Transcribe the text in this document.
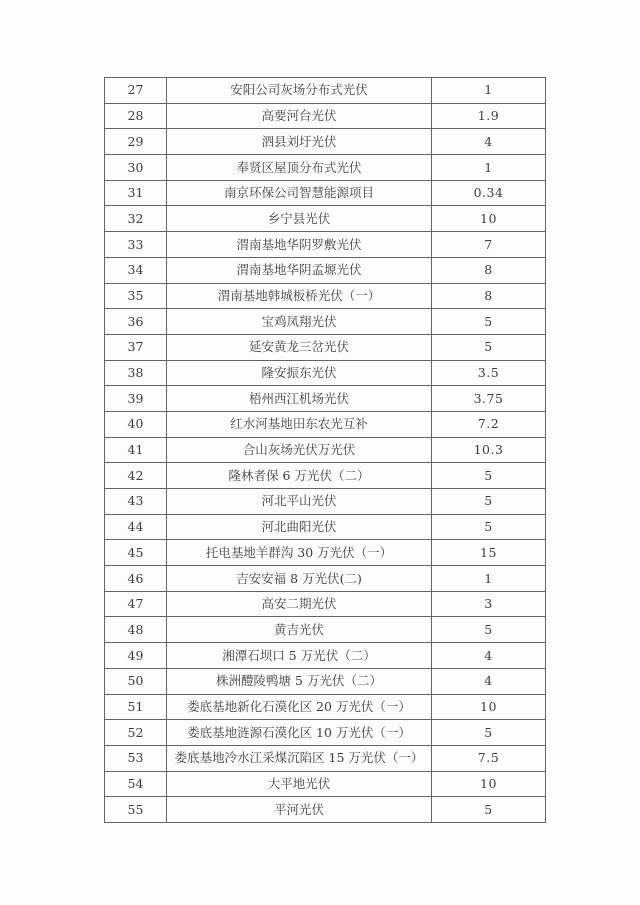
27	安阳公司灰场分布式光伏	1
28	高要河台光伏	1.9
29	泗县刘圩光伏	4
30	奉贤区屋顶分布式光伏	1
31	南京环保公司智慧能源项目	0.34
32	乡宁县光伏	10
33	渭南基地华阴罗敷光伏	7
34	渭南基地华阴孟塬光伏	8
35	渭南基地韩城板桥光伏（一）	8
36	宝鸡凤翔光伏	5
37	延安黄龙三岔光伏	5
38	隆安振东光伏	3.5
39	梧州西江机场光伏	3.75
40	红水河基地田东农光互补	7.2
41	合山灰场光伏万光伏	10.3
42	隆林者保 6 万光伏（二）	5
43	河北平山光伏	5
44	河北曲阳光伏	5
45	托电基地羊群沟 30 万光伏（一）	15
46	吉安安福 8 万光伏(二)	1
47	高安二期光伏	3
48	黄吉光伏	5
49	湘潭石坝口 5 万光伏（二）	4
50	株洲醴陵鸭塘 5 万光伏（二）	4
51	娄底基地新化石漠化区 20 万光伏（一）	10
52	娄底基地涟源石漠化区 10 万光伏（一）	5
53	娄底基地冷水江采煤沉陷区 15 万光伏（一）	7.5
54	大平地光伏	10
55	平河光伏	5
